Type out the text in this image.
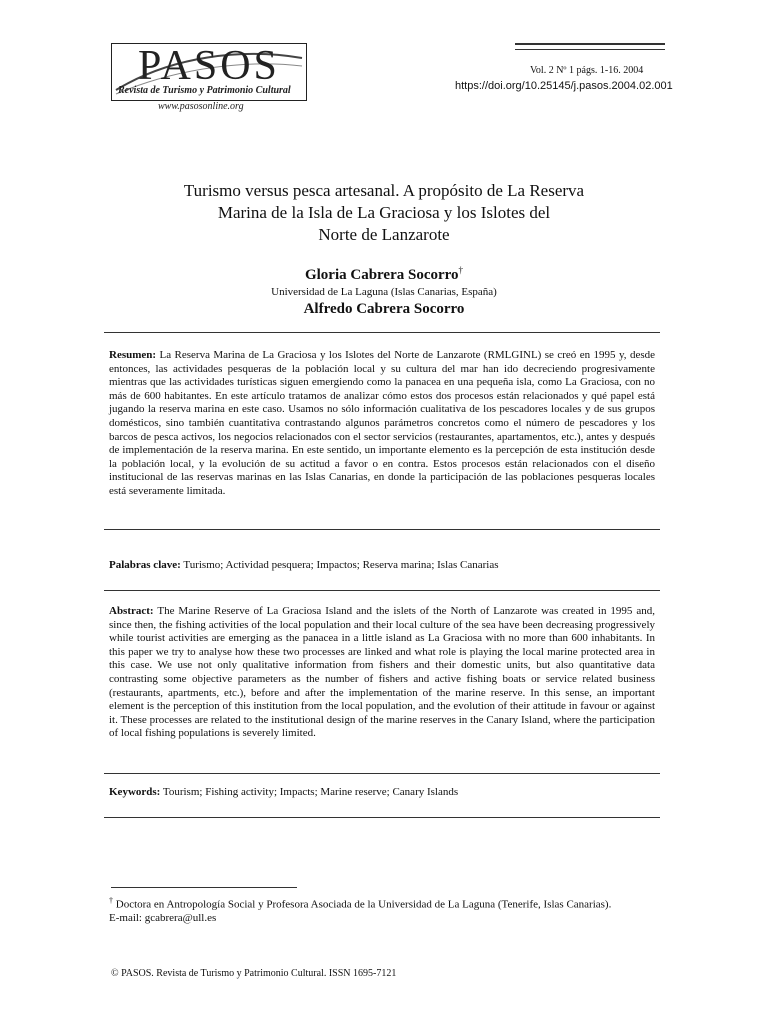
PASOS
Revista de Turismo y Patrimonio Cultural
www.pasosonline.org
Vol. 2 Nº 1 págs. 1-16. 2004
https://doi.org/10.25145/j.pasos.2004.02.001
Turismo versus pesca artesanal. A propósito de La Reserva
Marina de la Isla de La Graciosa y los Islotes del
Norte de Lanzarote
Gloria Cabrera Socorro†
Universidad de La Laguna (Islas Canarias, España)
Alfredo Cabrera Socorro
Resumen: La Reserva Marina de La Graciosa y los Islotes del Norte de Lanzarote (RMLGINL) se creó en 1995 y, desde entonces, las actividades pesqueras de la población local y su cultura del mar han ido decreciendo progresivamente mientras que las actividades turísticas siguen emergiendo como la panacea en una pequeña isla, como La Graciosa, con no más de 600 habitantes. En este artículo tratamos de analizar cómo estos dos procesos están relacionados y qué papel está jugando la reserva marina en este caso. Usamos no sólo información cualitativa de los pescadores locales y de sus grupos domésticos, sino también cuantitativa contrastando algunos parámetros concretos como el número de pescadores y los barcos de pesca activos, los negocios relacionados con el sector servicios (restaurantes, apartamentos, etc.), antes y después de implementación de la reserva marina. En este sentido, un importante elemento es la percepción de esta institución desde la población local, y la evolución de su actitud a favor o en contra. Estos procesos están relacionados con el diseño institucional de las reservas marinas en las Islas Canarias, en donde la participación de las poblaciones pesqueras locales está severamente limitada.
Palabras clave: Turismo; Actividad pesquera; Impactos; Reserva marina; Islas Canarias
Abstract: The Marine Reserve of La Graciosa Island and the islets of the North of Lanzarote was created in 1995 and, since then, the fishing activities of the local population and their local culture of the sea have been decreasing progressively while tourist activities are emerging as the panacea in a little island as La Graciosa with no more than 600 inhabitants. In this paper we try to analyse how these two processes are linked and what role is playing the local marine protected area in this case. We use not only qualitative information from fishers and their domestic units, but also quantitative data contrasting some objective parameters as the number of fishers and active fishing boats or service related business (restaurants, apartments, etc.), before and after the implementation of the marine reserve. In this sense, an important element is the perception of this institution from the local population, and the evolution of their attitude in favour or against it. These processes are related to the institutional design of the marine reserves in the Canary Island, where the participation of local fishing populations is severely limited.
Keywords: Tourism; Fishing activity; Impacts; Marine reserve; Canary Islands
† Doctora en Antropología Social y Profesora Asociada de la Universidad de La Laguna (Tenerife, Islas Canarias).
E-mail: gcabrera@ull.es
© PASOS. Revista de Turismo y Patrimonio Cultural. ISSN 1695-7121
